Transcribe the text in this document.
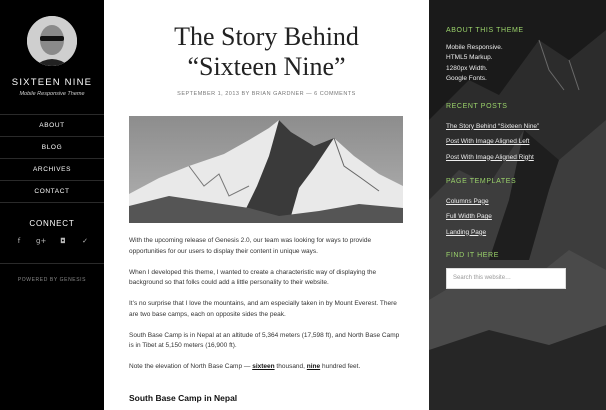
SIXTEEN NINE
Mobile Responsive Theme
ABOUT
BLOG
ARCHIVES
CONTACT
CONNECT
f	g+	◘	✓
POWERED BY GENESIS
The Story Behind
“Sixteen Nine”
SEPTEMBER 1, 2013 BY BRIAN GARDNER — 6 COMMENTS

With the upcoming release of Genesis 2.0, our team was looking for ways to provide opportunities for our users to display their content in unique ways.

When I developed this theme, I wanted to create a characteristic way of displaying the background so that folks could add a little personality to their website.

It’s no surprise that I love the mountains, and am especially taken in by Mount Everest. There are two base camps, each on opposite sides the peak.

South Base Camp is in Nepal at an altitude of 5,364 meters (17,598 ft), and North Base Camp is in Tibet at 5,150 meters (16,900 ft).

Note the elevation of North Base Camp — sixteen thousand, nine hundred feet.

South Base Camp in Nepal
ABOUT THIS THEME
Mobile Responsive.
HTML5 Markup.
1280px Width.
Google Fonts.
RECENT POSTS
The Story Behind “Sixteen Nine”
Post With Image Aligned Left
Post With Image Aligned Right
PAGE TEMPLATES
Columns Page
Full Width Page
Landing Page
FIND IT HERE
Search this website…
